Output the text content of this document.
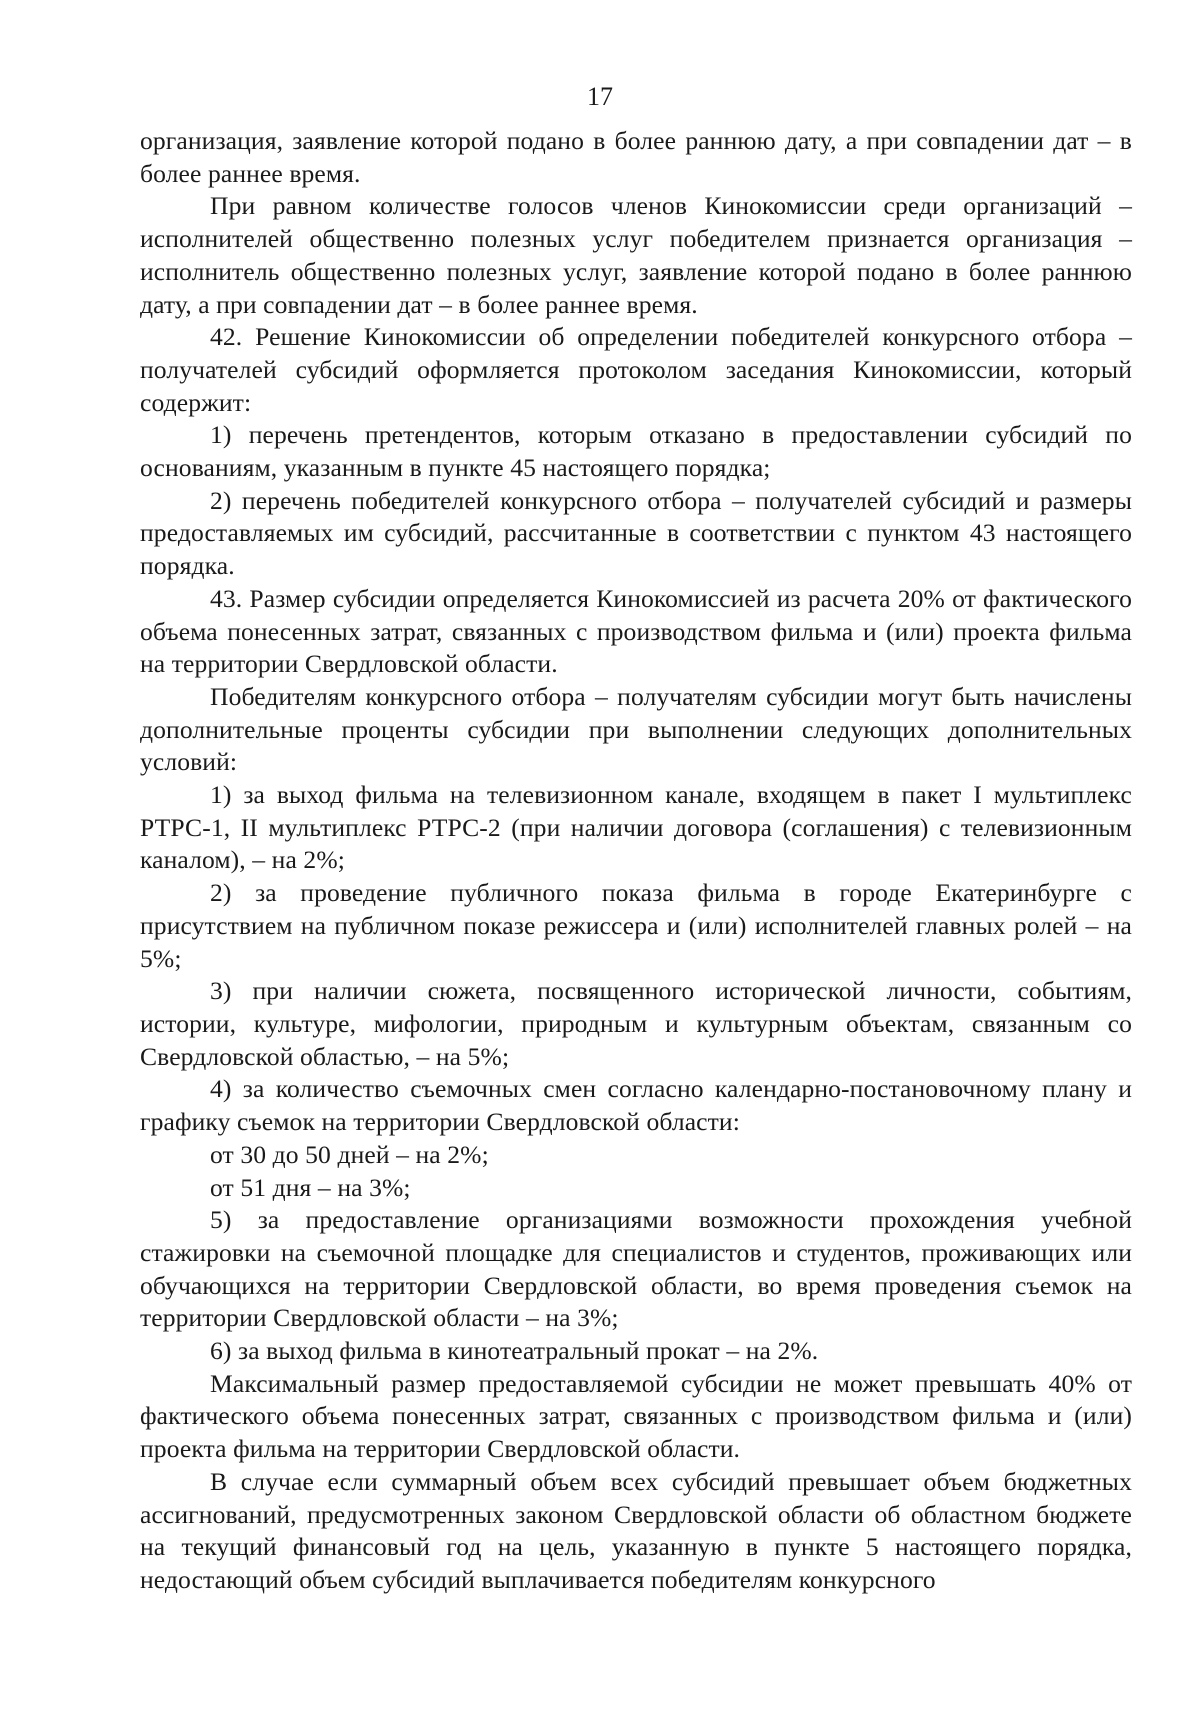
17

организация, заявление которой подано в более раннюю дату, а при совпадении дат – в более раннее время.

При равном количестве голосов членов Кинокомиссии среди организаций – исполнителей общественно полезных услуг победителем признается организация – исполнитель общественно полезных услуг, заявление которой подано в более раннюю дату, а при совпадении дат – в более раннее время.

42. Решение Кинокомиссии об определении победителей конкурсного отбора – получателей субсидий оформляется протоколом заседания Кинокомиссии, который содержит:

1) перечень претендентов, которым отказано в предоставлении субсидий по основаниям, указанным в пункте 45 настоящего порядка;

2) перечень победителей конкурсного отбора – получателей субсидий и размеры предоставляемых им субсидий, рассчитанные в соответствии с пунктом 43 настоящего порядка.

43. Размер субсидии определяется Кинокомиссией из расчета 20% от фактического объема понесенных затрат, связанных с производством фильма и (или) проекта фильма на территории Свердловской области.

Победителям конкурсного отбора – получателям субсидии могут быть начислены дополнительные проценты субсидии при выполнении следующих дополнительных условий:

1) за выход фильма на телевизионном канале, входящем в пакет I мультиплекс РТРС-1, II мультиплекс РТРС-2 (при наличии договора (соглашения) с телевизионным каналом), – на 2%;

2) за проведение публичного показа фильма в городе Екатеринбурге с присутствием на публичном показе режиссера и (или) исполнителей главных ролей – на 5%;

3) при наличии сюжета, посвященного исторической личности, событиям, истории, культуре, мифологии, природным и культурным объектам, связанным со Свердловской областью, – на 5%;

4) за количество съемочных смен согласно календарно-постановочному плану и графику съемок на территории Свердловской области:

от 30 до 50 дней – на 2%;

от 51 дня – на 3%;

5) за предоставление организациями возможности прохождения учебной стажировки на съемочной площадке для специалистов и студентов, проживающих или обучающихся на территории Свердловской области, во время проведения съемок на территории Свердловской области – на 3%;

6) за выход фильма в кинотеатральный прокат – на 2%.

Максимальный размер предоставляемой субсидии не может превышать 40% от фактического объема понесенных затрат, связанных с производством фильма и (или) проекта фильма на территории Свердловской области.

В случае если суммарный объем всех субсидий превышает объем бюджетных ассигнований, предусмотренных законом Свердловской области об областном бюджете на текущий финансовый год на цель, указанную в пункте 5 настоящего порядка, недостающий объем субсидий выплачивается победителям конкурсного
